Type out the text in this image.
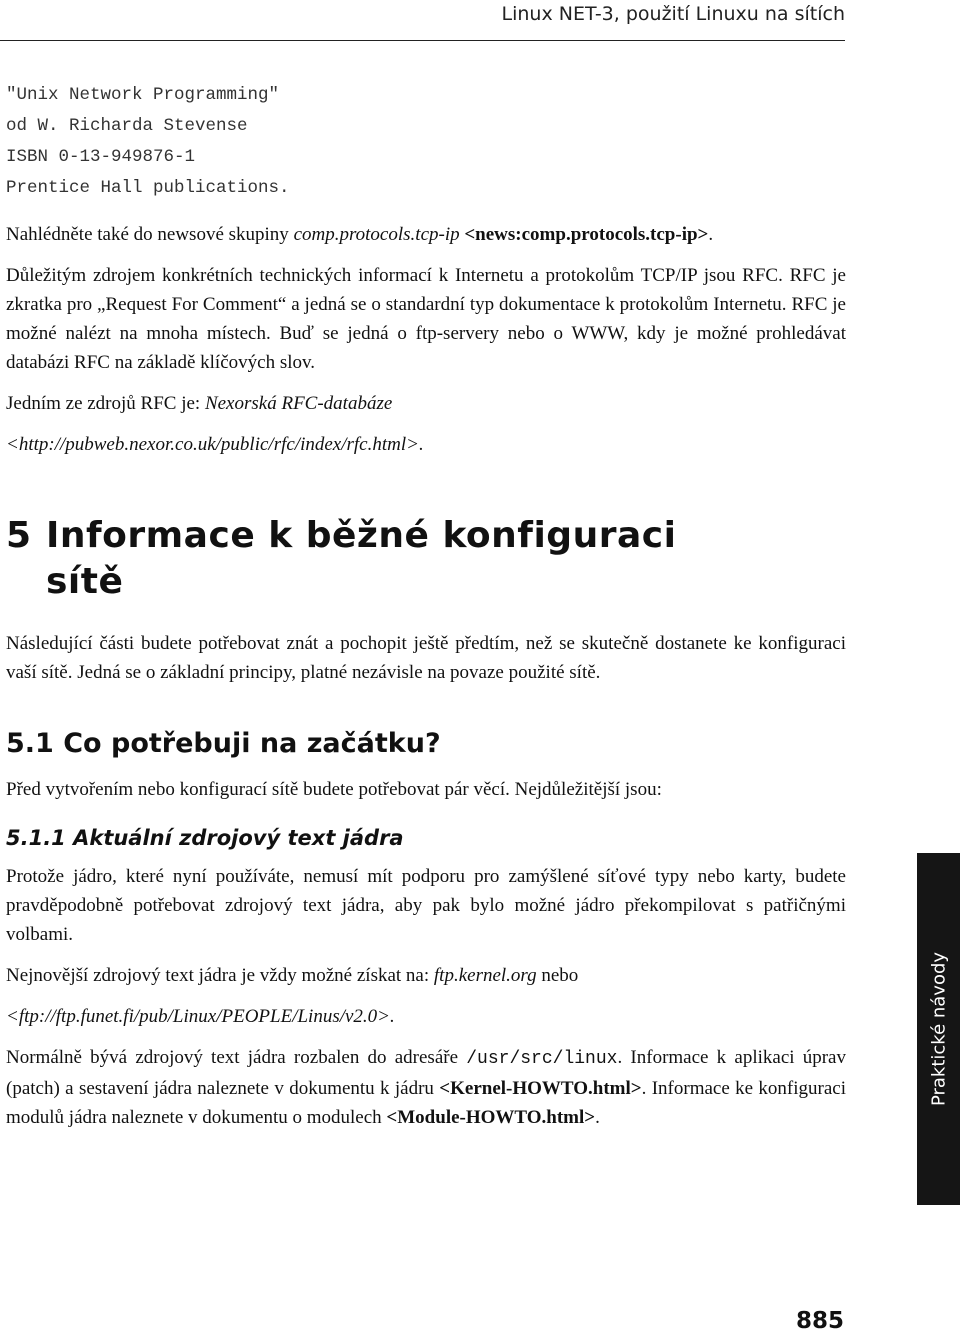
Linux NET-3, použití Linuxu na sítích
"Unix Network Programming"
od W. Richarda Stevense
ISBN 0-13-949876-1
Prentice Hall publications.

Nahlédněte také do newsové skupiny comp.protocols.tcp-ip <news:comp.protocols.tcp-ip>.

Důležitým zdrojem konkrétních technických informací k Internetu a protokolům TCP/IP jsou RFC. RFC je zkratka pro „Request For Comment“ a jedná se o standardní typ dokumentace k protokolům Internetu. RFC je možné nalézt na mnoha místech. Buď se jedná o ftp-servery nebo o WWW, kdy je možné prohledávat databázi RFC na základě klíčových slov.

Jedním ze zdrojů RFC je: Nexorská RFC-databáze

<http://pubweb.nexor.co.uk/public/rfc/index/rfc.html>.

5 Informace k běžné konfiguraci
sítě

Následující části budete potřebovat znát a pochopit ještě předtím, než se skutečně dostanete ke konfiguraci vaší sítě. Jedná se o základní principy, platné nezávisle na povaze použité sítě.

5.1 Co potřebuji na začátku?

Před vytvořením nebo konfigurací sítě budete potřebovat pár věcí. Nejdůležitější jsou:

5.1.1 Aktuální zdrojový text jádra

Protože jádro, které nyní používáte, nemusí mít podporu pro zamýšlené síťové typy nebo karty, budete pravděpodobně potřebovat zdrojový text jádra, aby pak bylo možné jádro překompilovat s patřičnými volbami.

Nejnovější zdrojový text jádra je vždy možné získat na: ftp.kernel.org nebo

<ftp://ftp.funet.fi/pub/Linux/PEOPLE/Linus/v2.0>.

Normálně bývá zdrojový text jádra rozbalen do adresáře /usr/src/linux. Informace k aplikaci úprav (patch) a sestavení jádra naleznete v dokumentu k jádru <Kernel-HOWTO.html>. Informace ke konfiguraci modulů jádra naleznete v dokumentu o modulech <Module-HOWTO.html>.

Praktické návody
885
